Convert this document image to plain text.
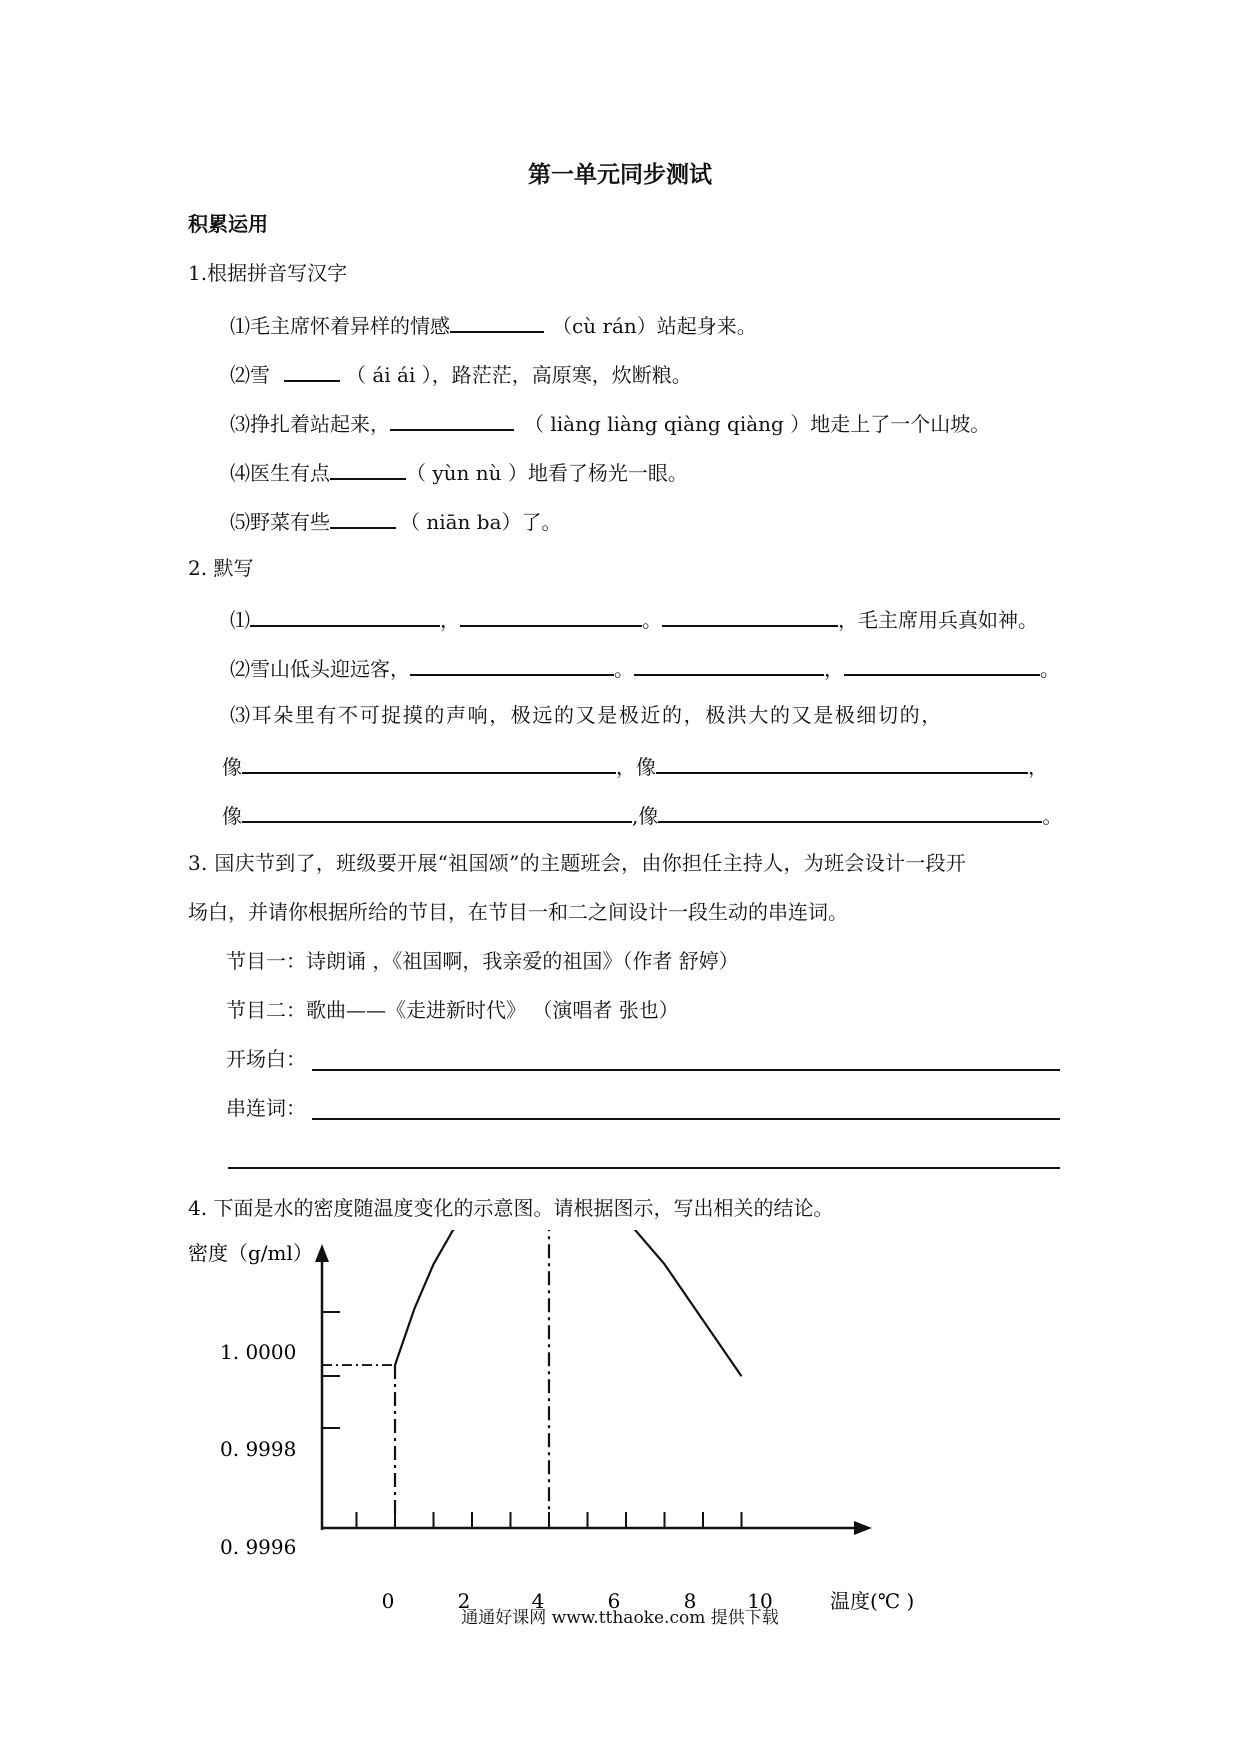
第一单元同步测试
积累运用
1.根据拼音写汉字
⑴毛主席怀着异样的情感	（cù rán）站起身来。
⑵雪	（ ái ái ），路茫茫，高原寒，炊断粮。
⑶挣扎着站起来，	（ liàng liàng qiàng qiàng ）地走上了一个山坡。
⑷医生有点	（ yùn nù ）地看了杨光一眼。
⑸野菜有些	（ niān ba）了。
2. 默写
⑴	，	。	，毛主席用兵真如神。
⑵雪山低头迎远客，	。	，	。
⑶耳朵里有不可捉摸的声响，极远的又是极近的，极洪大的又是极细切的，
像	，像	，
像	,像	。
3. 国庆节到了，班级要开展“祖国颂”的主题班会，由你担任主持人，为班会设计一段开
场白，并请你根据所给的节目，在节目一和二之间设计一段生动的串连词。
节目一：诗朗诵 ，《祖国啊，我亲爱的祖国》（作者 舒婷）
节目二：歌曲——《走进新时代》 （演唱者 张也）
开场白：
串连词：
4. 下面是水的密度随温度变化的示意图。请根据图示，写出相关的结论。
密度（g/ml）
温度(℃ )
0	2	4	6	8	10
1. 0000
0. 9998
0. 9996
通通好课网 www.tthaoke.com 提供下载
